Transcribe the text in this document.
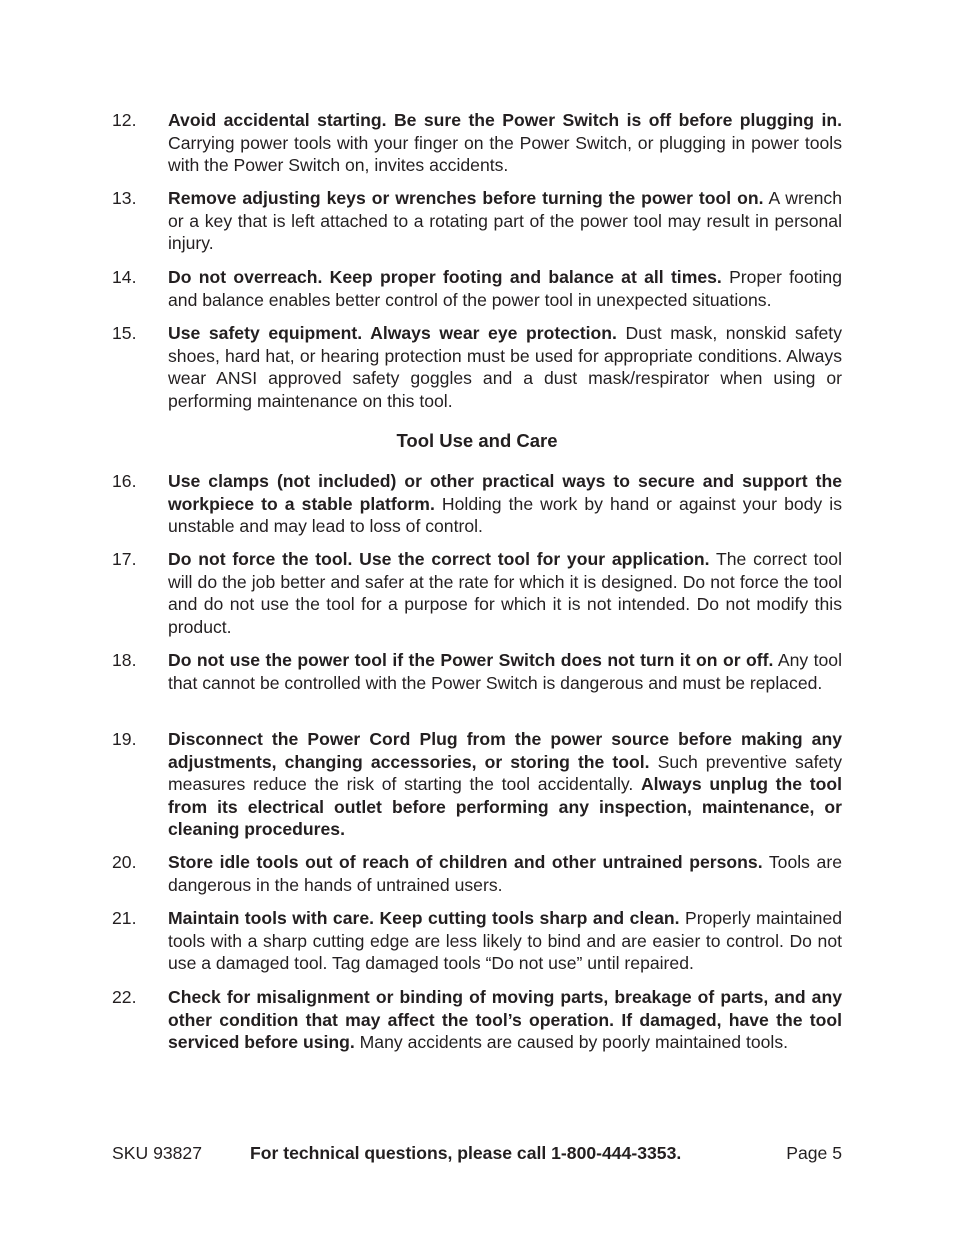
12.	Avoid accidental starting. Be sure the Power Switch is off before plugging in. Carrying power tools with your finger on the Power Switch, or plugging in power tools with the Power Switch on, invites accidents.
13.	Remove adjusting keys or wrenches before turning the power tool on. A wrench or a key that is left attached to a rotating part of the power tool may result in personal injury.
14.	Do not overreach. Keep proper footing and balance at all times. Proper footing and balance enables better control of the power tool in unexpected situations.
15.	Use safety equipment. Always wear eye protection. Dust mask, nonskid safety shoes, hard hat, or hearing protection must be used for appropriate conditions. Always wear ANSI approved safety goggles and a dust mask/respirator when using or performing maintenance on this tool.
Tool Use and Care
16.	Use clamps (not included) or other practical ways to secure and support the workpiece to a stable platform. Holding the work by hand or against your body is unstable and may lead to loss of control.
17.	Do not force the tool. Use the correct tool for your application. The correct tool will do the job better and safer at the rate for which it is designed. Do not force the tool and do not use the tool for a purpose for which it is not intended. Do not modify this product.
18.	Do not use the power tool if the Power Switch does not turn it on or off. Any tool that cannot be controlled with the Power Switch is dangerous and must be replaced.
19.	Disconnect the Power Cord Plug from the power source before making any adjustments, changing accessories, or storing the tool. Such preventive safety measures reduce the risk of starting the tool accidentally. Always unplug the tool from its electrical outlet before performing any inspection, maintenance, or cleaning procedures.
20.	Store idle tools out of reach of children and other untrained persons. Tools are dangerous in the hands of untrained users.
21.	Maintain tools with care. Keep cutting tools sharp and clean. Properly maintained tools with a sharp cutting edge are less likely to bind and are easier to control. Do not use a damaged tool. Tag damaged tools “Do not use” until repaired.
22.	Check for misalignment or binding of moving parts, breakage of parts, and any other condition that may affect the tool’s operation. If damaged, have the tool serviced before using. Many accidents are caused by poorly maintained tools.
SKU 93827	For technical questions, please call 1-800-444-3353.	Page 5
